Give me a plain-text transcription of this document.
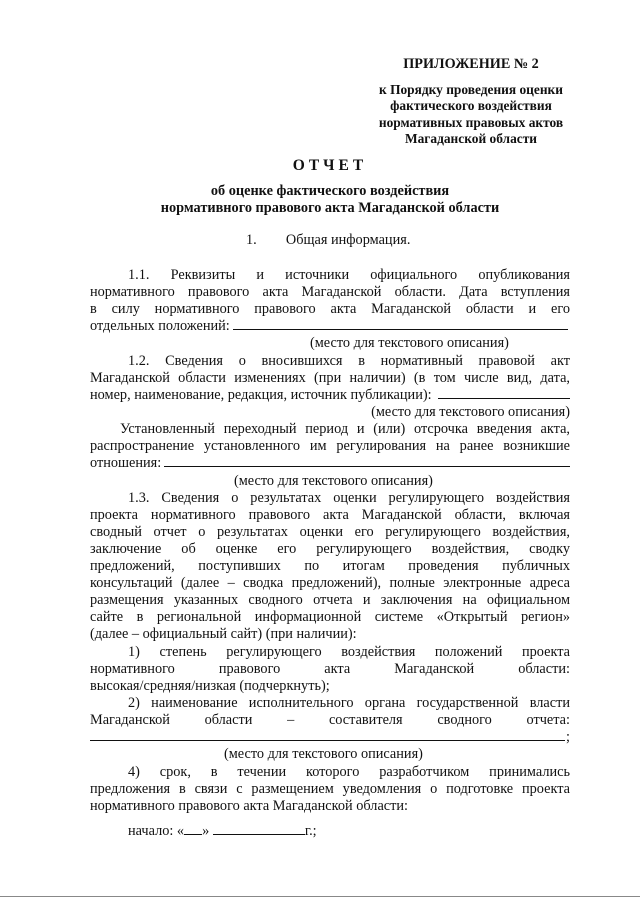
ПРИЛОЖЕНИЕ № 2
к Порядку проведения оценки
фактического воздействия
нормативных правовых актов
Магаданской области
ОТЧЕТ
об оценке фактического воздействия
нормативного правового акта Магаданской области
1. Общая информация.
1.1. Реквизиты и источники официального опубликования
нормативного правового акта Магаданской области. Дата вступления
в силу нормативного правового акта Магаданской области и его
отдельных положений:
(место для текстового описания)
1.2. Сведения о вносившихся в нормативный правовой акт
Магаданской области изменениях (при наличии) (в том числе вид, дата,
номер, наименование, редакция, источник публикации):
(место для текстового описания)
Установленный переходный период и (или) отсрочка введения акта,
распространение установленного им регулирования на ранее возникшие
отношения:
(место для текстового описания)
1.3. Сведения о результатах оценки регулирующего воздействия
проекта нормативного правового акта Магаданской области, включая
сводный отчет о результатах оценки его регулирующего воздействия,
заключение об оценке его регулирующего воздействия, сводку
предложений, поступивших по итогам проведения публичных
консультаций (далее – сводка предложений), полные электронные адреса
размещения указанных сводного отчета и заключения на официальном
сайте в региональной информационной системе «Открытый регион»
(далее – официальный сайт) (при наличии):
1) степень регулирующего воздействия положений проекта
нормативного правового акта Магаданской области:
высокая/средняя/низкая (подчеркнуть);
2) наименование исполнительного органа государственной власти
Магаданской области – составителя сводного отчета:
;
(место для текстового описания)
4) срок, в течении которого разработчиком принимались
предложения в связи с размещением уведомления о подготовке проекта
нормативного правового акта Магаданской области:
начало: « »	г.;
